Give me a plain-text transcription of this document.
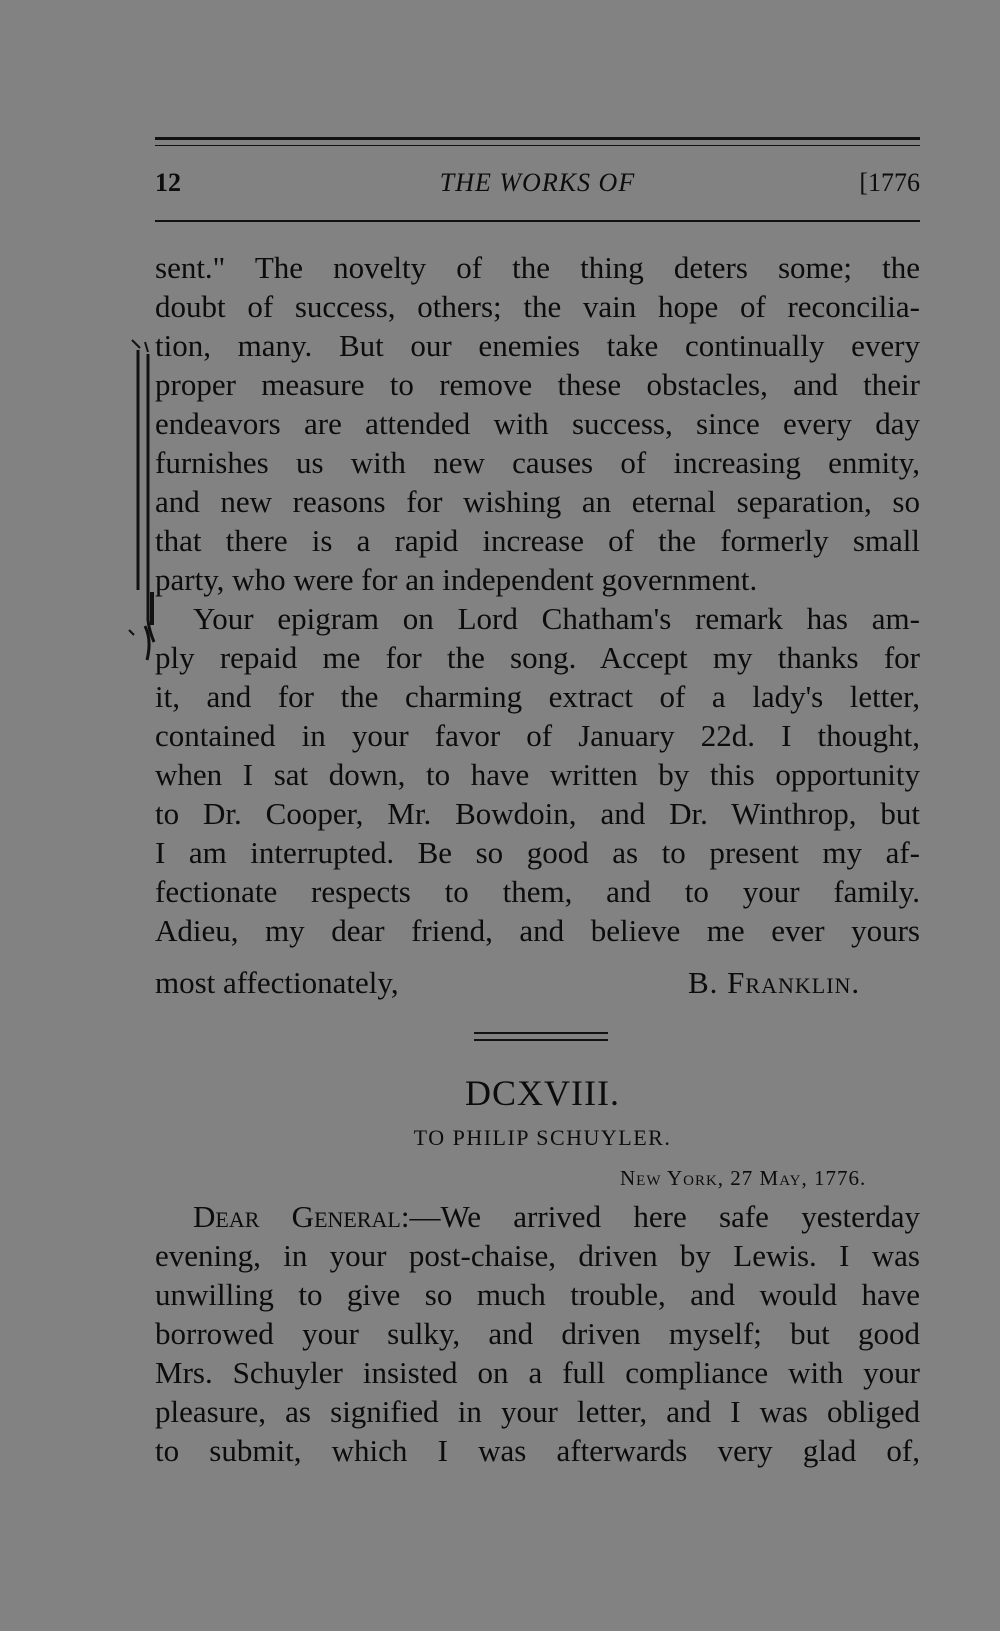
12	THE WORKS OF	[1776
sent." The novelty of the thing deters some; the
doubt of success, others; the vain hope of reconcilia-
tion, many. But our enemies take continually every
proper measure to remove these obstacles, and their
endeavors are attended with success, since every day
furnishes us with new causes of increasing enmity,
and new reasons for wishing an eternal separation, so
that there is a rapid increase of the formerly small
party, who were for an independent government.
Your epigram on Lord Chatham's remark has am-
ply repaid me for the song. Accept my thanks for
it, and for the charming extract of a lady's letter,
contained in your favor of January 22d. I thought,
when I sat down, to have written by this opportunity
to Dr. Cooper, Mr. Bowdoin, and Dr. Winthrop, but
I am interrupted. Be so good as to present my af-
fectionate respects to them, and to your family.
Adieu, my dear friend, and believe me ever yours
most affectionately,	B. Franklin.
DCXVIII.
TO PHILIP SCHUYLER.
New York, 27 May, 1776.
Dear General:—We arrived here safe yesterday
evening, in your post-chaise, driven by Lewis. I was
unwilling to give so much trouble, and would have
borrowed your sulky, and driven myself; but good
Mrs. Schuyler insisted on a full compliance with your
pleasure, as signified in your letter, and I was obliged
to submit, which I was afterwards very glad of,
